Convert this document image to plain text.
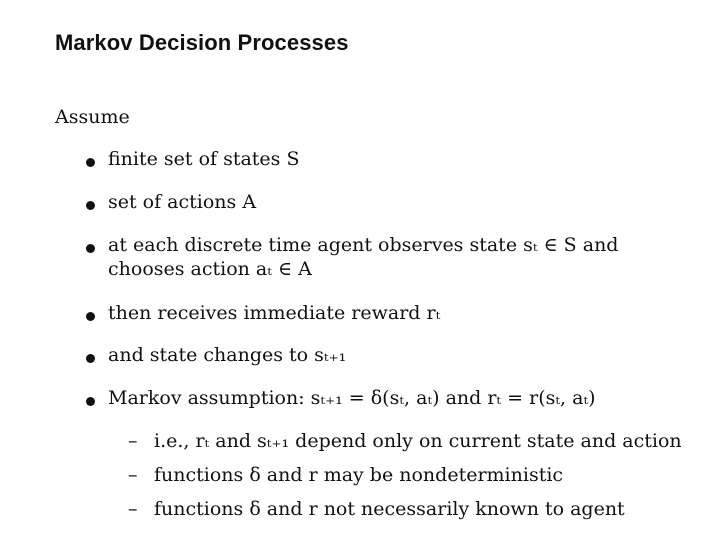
Markov Decision Processes
Assume
finite set of states S
set of actions A
at each discrete time agent observes state sₜ ∈ S and chooses action aₜ ∈ A
then receives immediate reward rₜ
and state changes to sₜ₊₁
Markov assumption: sₜ₊₁ = δ(sₜ, aₜ) and rₜ = r(sₜ, aₜ)
– i.e., rₜ and sₜ₊₁ depend only on current state and action
– functions δ and r may be nondeterministic
– functions δ and r not necessarily known to agent
